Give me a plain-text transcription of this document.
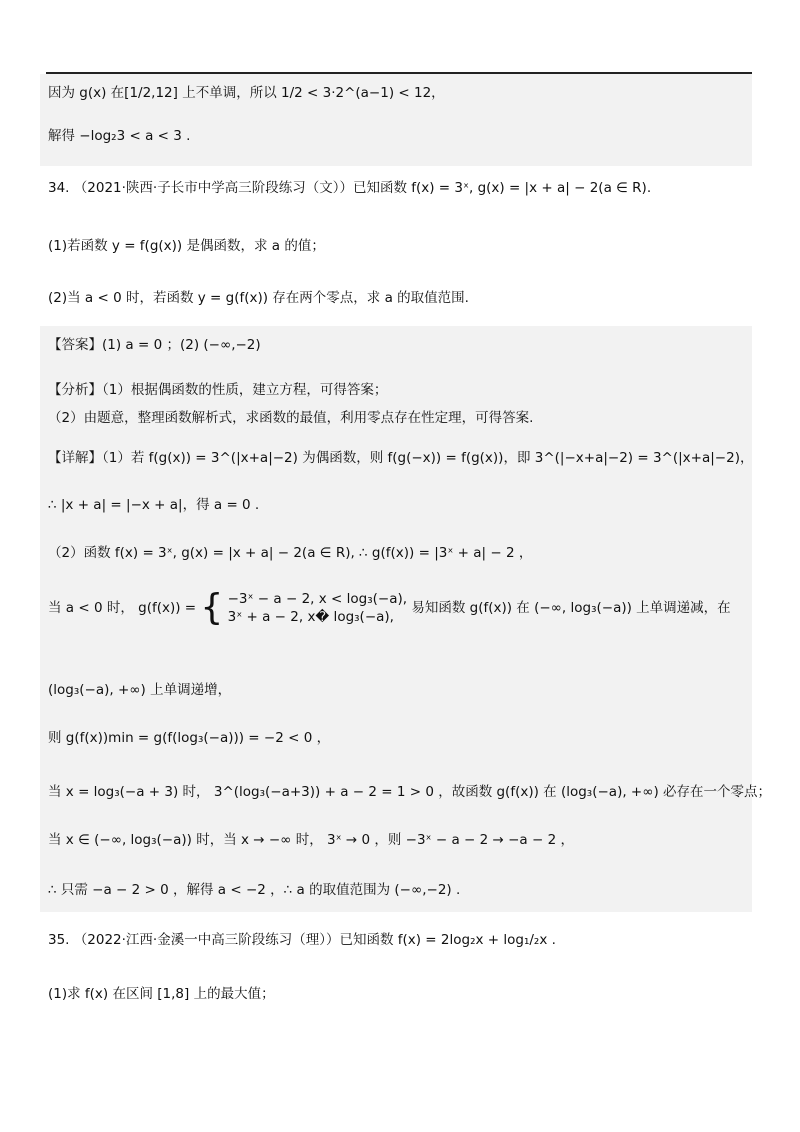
因为 g(x) 在[1/2,12] 上不单调，所以 1/2 < 3·2^(a−1) < 12，
解得 −log₂3 < a < 3 .
34. （2021·陕西·子长市中学高三阶段练习（文））已知函数 f(x) = 3ˣ, g(x) = |x + a| − 2(a ∈ R).
(1)若函数 y = f(g(x)) 是偶函数，求 a 的值；
(2)当 a < 0 时，若函数 y = g(f(x)) 存在两个零点，求 a 的取值范围.
【答案】(1) a = 0 ；(2) (−∞,−2)
【分析】（1）根据偶函数的性质，建立方程，可得答案；
（2）由题意，整理函数解析式，求函数的最值，利用零点存在性定理，可得答案.
【详解】（1）若 f(g(x)) = 3^(|x+a|−2) 为偶函数，则 f(g(−x)) = f(g(x))，即 3^(|−x+a|−2) = 3^(|x+a|−2)，
∴ |x + a| = |−x + a|，得 a = 0 .
（2）函数 f(x) = 3ˣ, g(x) = |x + a| − 2(a ∈ R), ∴ g(f(x)) = |3ˣ + a| − 2 ，
当 a < 0 时， g(f(x)) = { −3ˣ − a − 2, x < log₃(−a),
3ˣ + a − 2, x� log₃(−a),
易知函数 g(f(x)) 在 (−∞, log₃(−a)) 上单调递减，在
(log₃(−a), +∞) 上单调递增，
则 g(f(x))min = g(f(log₃(−a))) = −2 < 0 ，
当 x = log₃(−a + 3) 时， 3^(log₃(−a+3)) + a − 2 = 1 > 0 ，故函数 g(f(x)) 在 (log₃(−a), +∞) 必存在一个零点；
当 x ∈ (−∞, log₃(−a)) 时，当 x → −∞ 时， 3ˣ → 0 ，则 −3ˣ − a − 2 → −a − 2 ，
∴ 只需 −a − 2 > 0 ，解得 a < −2 ，∴ a 的取值范围为 (−∞,−2) .
35. （2022·江西·金溪一中高三阶段练习（理））已知函数 f(x) = 2log₂x + log₁/₂x .
(1)求 f(x) 在区间 [1,8] 上的最大值；
